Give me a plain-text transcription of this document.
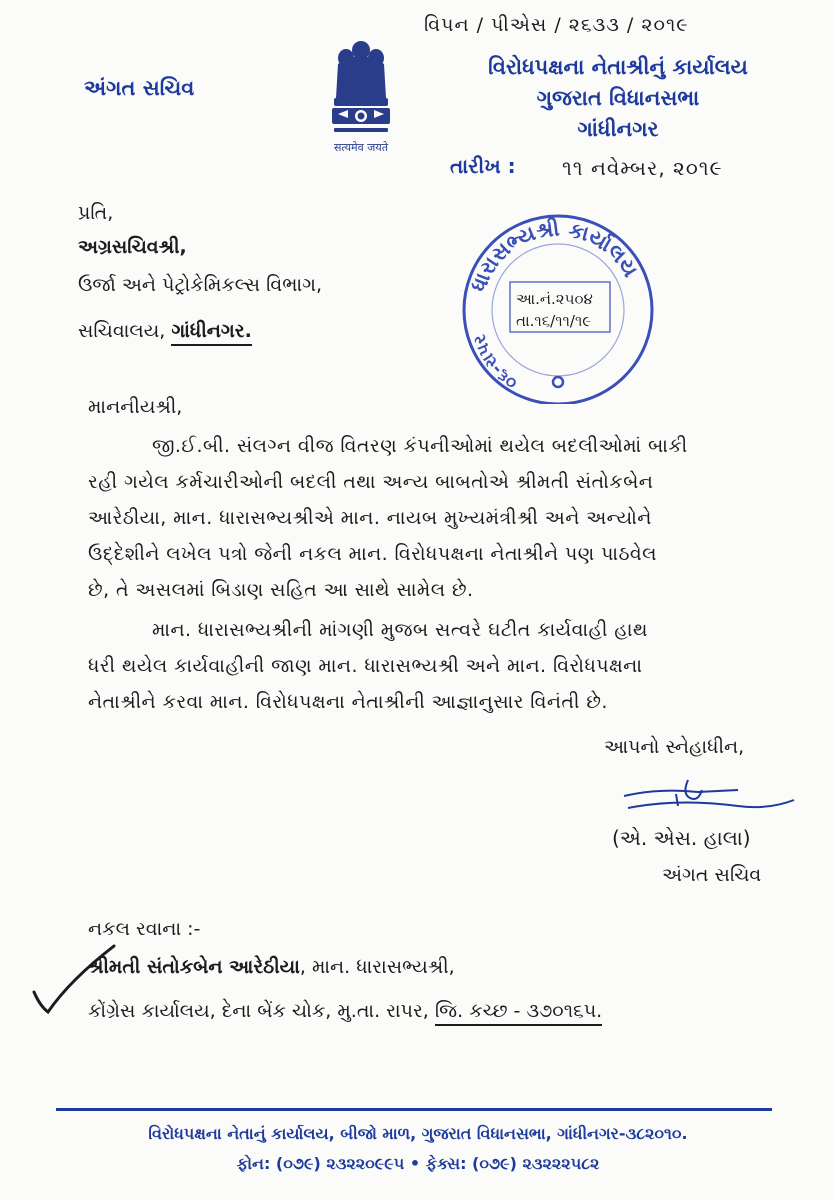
વિપન / પીએસ / ૨૬૩૩ / ૨૦૧૯
અંગત સચિવ
सत्यमेव जयते
વિરોધપક્ષના નેતાશ્રીનું કાર્યાલય
ગુજરાત વિધાનસભા
ગાંધીનગર
તારીખ : ૧૧ નવેમ્બર, ૨૦૧૯
પ્રતિ,
અગ્રસચિવશ્રી,
ઉર્જા અને પેટ્રોકેમિકલ્સ વિભાગ,
સચિવાલય, ગાંધીનગર.
ધારાસભ્યશ્રી કાર્યાલય
૦૬-રાપર
આ.નં.૨૫૦૪
તા.૧૬/૧૧/૧૯
માનનીયશ્રી,
જી.ઈ.બી. સંલગ્ન વીજ વિતરણ કંપનીઓમાં થયેલ બદલીઓમાં બાકી
રહી ગયેલ કર્મચારીઓની બદલી તથા અન્ય બાબતોએ શ્રીમતી સંતોકબેન
આરેઠીયા, માન. ધારાસભ્યશ્રીએ માન. નાયબ મુખ્યમંત્રીશ્રી અને અન્યોને
ઉદ્દેશીને લખેલ પત્રો જેની નકલ માન. વિરોધપક્ષના નેતાશ્રીને પણ પાઠવેલ
છે, તે અસલમાં બિડાણ સહિત આ સાથે સામેલ છે.
માન. ધારાસભ્યશ્રીની માંગણી મુજબ સત્વરે ઘટીત કાર્યવાહી હાથ
ધરી થયેલ કાર્યવાહીની જાણ માન. ધારાસભ્યશ્રી અને માન. વિરોધપક્ષના
નેતાશ્રીને કરવા માન. વિરોધપક્ષના નેતાશ્રીની આજ્ઞાનુસાર વિનંતી છે.
આપનો સ્નેહાધીન,
(એ. એસ. હાલા)
અંગત સચિવ
નકલ રવાના :-
શ્રીમતી સંતોકબેન આરેઠીયા, માન. ધારાસભ્યશ્રી,
કોંગ્રેસ કાર્યાલય, દેના બેંક ચોક, મુ.તા. રાપર, જિ. કચ્છ - ૩૭૦૧૬૫.
વિરોધપક્ષના નેતાનું કાર્યાલય, બીજો માળ, ગુજરાત વિધાનસભા, ગાંધીનગર-૩૮૨૦૧૦.
ફોન: (૦૭૯) ૨૩૨૨૦૯૯૫ • ફેક્સ: (૦૭૯) ૨૩૨૨૨૫૮૨
